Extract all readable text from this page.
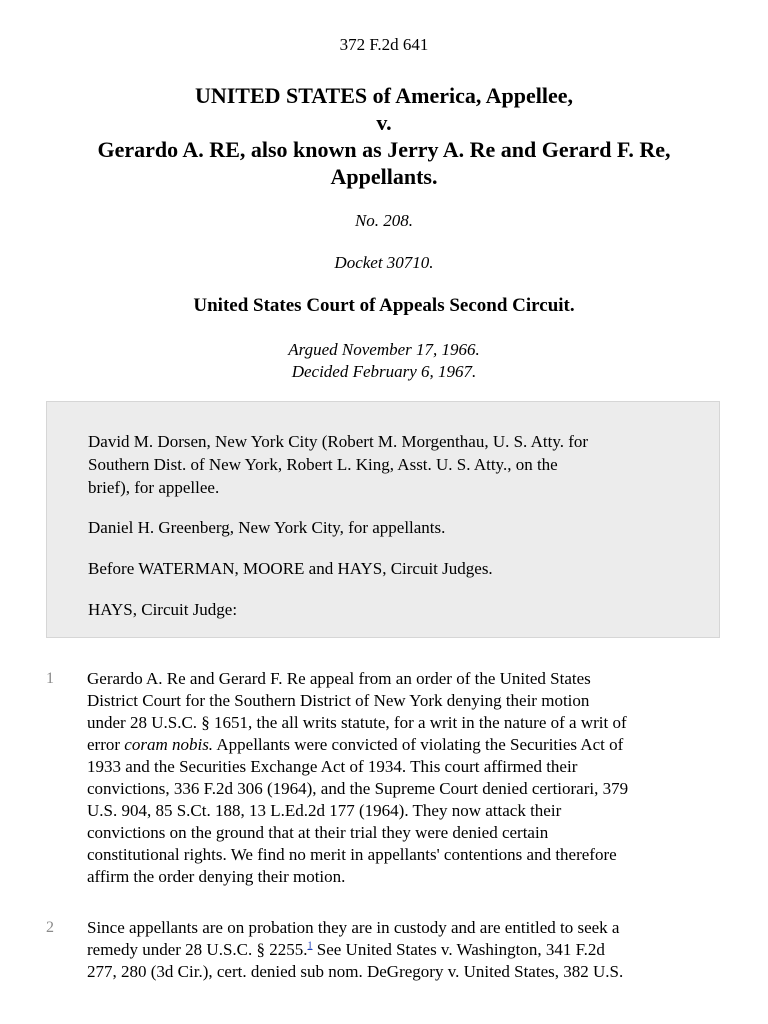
372 F.2d 641
UNITED STATES of America, Appellee,
v.
Gerardo A. RE, also known as Jerry A. Re and Gerard F. Re,
Appellants.
No. 208.
Docket 30710.
United States Court of Appeals Second Circuit.
Argued November 17, 1966.
Decided February 6, 1967.
David M. Dorsen, New York City (Robert M. Morgenthau, U. S. Atty. for
Southern Dist. of New York, Robert L. King, Asst. U. S. Atty., on the
brief), for appellee.
Daniel H. Greenberg, New York City, for appellants.
Before WATERMAN, MOORE and HAYS, Circuit Judges.
HAYS, Circuit Judge:
1 Gerardo A. Re and Gerard F. Re appeal from an order of the United States
District Court for the Southern District of New York denying their motion
under 28 U.S.C. § 1651, the all writs statute, for a writ in the nature of a writ of
error coram nobis. Appellants were convicted of violating the Securities Act of
1933 and the Securities Exchange Act of 1934. This court affirmed their
convictions, 336 F.2d 306 (1964), and the Supreme Court denied certiorari, 379
U.S. 904, 85 S.Ct. 188, 13 L.Ed.2d 177 (1964). They now attack their
convictions on the ground that at their trial they were denied certain
constitutional rights. We find no merit in appellants' contentions and therefore
affirm the order denying their motion.
2 Since appellants are on probation they are in custody and are entitled to seek a
remedy under 28 U.S.C. § 2255.$^1$ See United States v. Washington, 341 F.2d
277, 280 (3d Cir.), cert. denied sub nom. DeGregory v. United States, 382 U.S.
